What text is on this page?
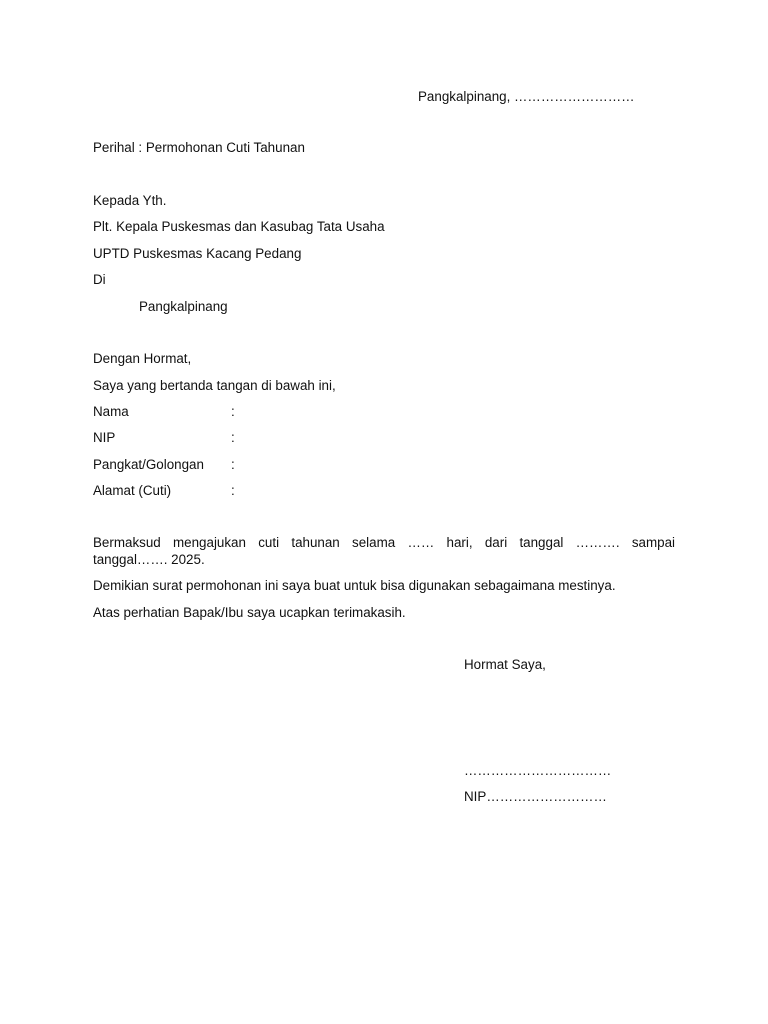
Pangkalpinang, ………………………
Perihal : Permohonan Cuti Tahunan
Kepada Yth.
Plt. Kepala Puskesmas dan Kasubag Tata Usaha
UPTD Puskesmas Kacang Pedang
Di
Pangkalpinang
Dengan Hormat,
Saya yang bertanda tangan di bawah ini,
Nama	:
NIP	:
Pangkat/Golongan :
Alamat (Cuti)	:
Bermaksud mengajukan cuti tahunan selama …… hari, dari tanggal ………. sampai
tanggal……. 2025.
Demikian surat permohonan ini saya buat untuk bisa digunakan sebagaimana mestinya.
Atas perhatian Bapak/Ibu saya ucapkan terimakasih.
Hormat Saya,
……………………………
NIP………………………
